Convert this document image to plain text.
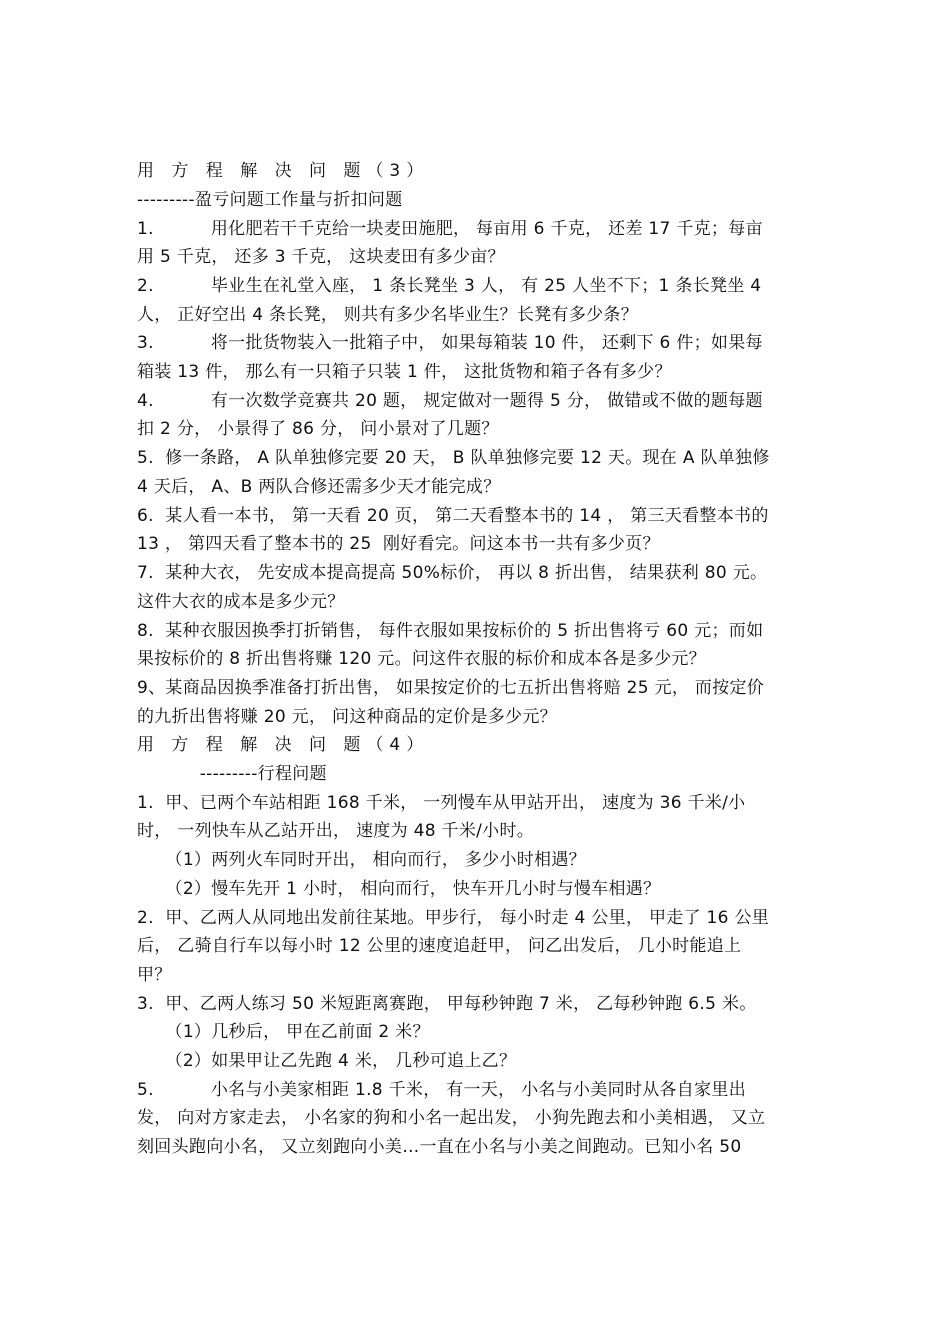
用 方 程 解 决 问 题（3）
---------盈亏问题工作量与折扣问题
1.          用化肥若干千克给一块麦田施肥， 每亩用 6 千克， 还差 17 千克；每亩
用 5 千克， 还多 3 千克， 这块麦田有多少亩？
2.          毕业生在礼堂入座， 1 条长凳坐 3 人， 有 25 人坐不下；1 条长凳坐 4
人， 正好空出 4 条长凳， 则共有多少名毕业生？长凳有多少条？
3.          将一批货物装入一批箱子中， 如果每箱装 10 件， 还剩下 6 件；如果每
箱装 13 件， 那么有一只箱子只装 1 件， 这批货物和箱子各有多少？
4.          有一次数学竞赛共 20 题， 规定做对一题得 5 分， 做错或不做的题每题
扣 2 分， 小景得了 86 分， 问小景对了几题？
5.  修一条路， A 队单独修完要 20 天， B 队单独修完要 12 天。现在 A 队单独修
4 天后， A、B 两队合修还需多少天才能完成？
6.  某人看一本书， 第一天看 20 页， 第二天看整本书的 14 ， 第三天看整本书的
13 ， 第四天看了整本书的 25  刚好看完。问这本书一共有多少页？
7.  某种大衣， 先安成本提高提高 50%标价， 再以 8 折出售， 结果获利 80 元。
这件大衣的成本是多少元？
8.  某种衣服因换季打折销售， 每件衣服如果按标价的 5 折出售将亏 60 元；而如
果按标价的 8 折出售将赚 120 元。问这件衣服的标价和成本各是多少元？
9、某商品因换季准备打折出售， 如果按定价的七五折出售将赔 25 元， 而按定价
的九折出售将赚 20 元， 问这种商品的定价是多少元？
用 方 程 解 决 问 题（4）
---------行程问题
1.  甲、已两个车站相距 168 千米， 一列慢车从甲站开出， 速度为 36 千米/小
时， 一列快车从乙站开出， 速度为 48 千米/小时。
（1）两列火车同时开出， 相向而行， 多少小时相遇？
（2）慢车先开 1 小时， 相向而行， 快车开几小时与慢车相遇？
2.  甲、乙两人从同地出发前往某地。甲步行， 每小时走 4 公里， 甲走了 16 公里
后， 乙骑自行车以每小时 12 公里的速度追赶甲， 问乙出发后， 几小时能追上
甲？
3.  甲、乙两人练习 50 米短距离赛跑， 甲每秒钟跑 7 米， 乙每秒钟跑 6.5 米。
（1）几秒后， 甲在乙前面 2 米？
（2）如果甲让乙先跑 4 米， 几秒可追上乙？
5.          小名与小美家相距 1.8 千米， 有一天， 小名与小美同时从各自家里出
发， 向对方家走去， 小名家的狗和小名一起出发， 小狗先跑去和小美相遇， 又立
刻回头跑向小名， 又立刻跑向小美…一直在小名与小美之间跑动。已知小名 50
